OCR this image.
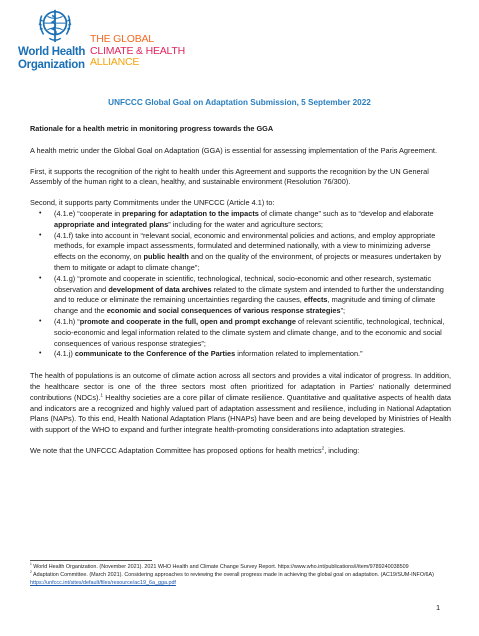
World Health
Organization
THE GLOBAL
CLIMATE & HEALTH
ALLIANCE
UNFCCC Global Goal on Adaptation Submission, 5 September 2022

Rationale for a health metric in monitoring progress towards the GGA

A health metric under the Global Goal on Adaptation (GGA) is essential for assessing implementation of the Paris Agreement.

First, it supports the recognition of the right to health under this Agreement and supports the recognition by the UN General Assembly of the human right to a clean, healthy, and sustainable environment (Resolution 76/300).

Second, it supports party Commitments under the UNFCCC (Article 4.1) to:

• (4.1.e) “cooperate in preparing for adaptation to the impacts of climate change” such as to “develop and elaborate appropriate and integrated plans” including for the water and agriculture sectors;
• (4.1.f) take into account in “relevant social, economic and environmental policies and actions, and employ appropriate methods, for example impact assessments, formulated and determined nationally, with a view to minimizing adverse effects on the economy, on public health and on the quality of the environment, of projects or measures undertaken by them to mitigate or adapt to climate change”;
• (4.1.g) “promote and cooperate in scientific, technological, technical, socio-economic and other research, systematic observation and development of data archives related to the climate system and intended to further the understanding and to reduce or eliminate the remaining uncertainties regarding the causes, effects, magnitude and timing of climate change and the economic and social consequences of various response strategies”;
• (4.1.h) “promote and cooperate in the full, open and prompt exchange of relevant scientific, technological, technical, socio-economic and legal information related to the climate system and climate change, and to the economic and social consequences of various response strategies”;
• (4.1.j) communicate to the Conference of the Parties information related to implementation.”

The health of populations is an outcome of climate action across all sectors and provides a vital indicator of progress. In addition, the healthcare sector is one of the three sectors most often prioritized for adaptation in Parties’ nationally determined contributions (NDCs).$^1$ Healthy societies are a core pillar of climate resilience. Quantitative and qualitative aspects of health data and indicators are a recognized and highly valued part of adaptation assessment and resilience, including in National Adaptation Plans (NAPs). To this end, Health National Adaptation Plans (HNAPs) have been and are being developed by Ministries of Health with support of the WHO to expand and further integrate health-promoting considerations into adaptation strategies.

We note that the UNFCCC Adaptation Committee has proposed options for health metrics$^2$, including:

$^1$ World Health Organization. (November 2021). 2021 WHO Health and Climate Change Survey Report. https://www.who.int/publications/i/item/9789240038509

$^2$ Adaptation Committee. (March 2021). Considering approaches to reviewing the overall progress made in achieving the global goal on adaptation. (AC19/SUM-INFO/6A) https://unfccc.int/sites/default/files/resource/ac19_6a_gga.pdf

1
